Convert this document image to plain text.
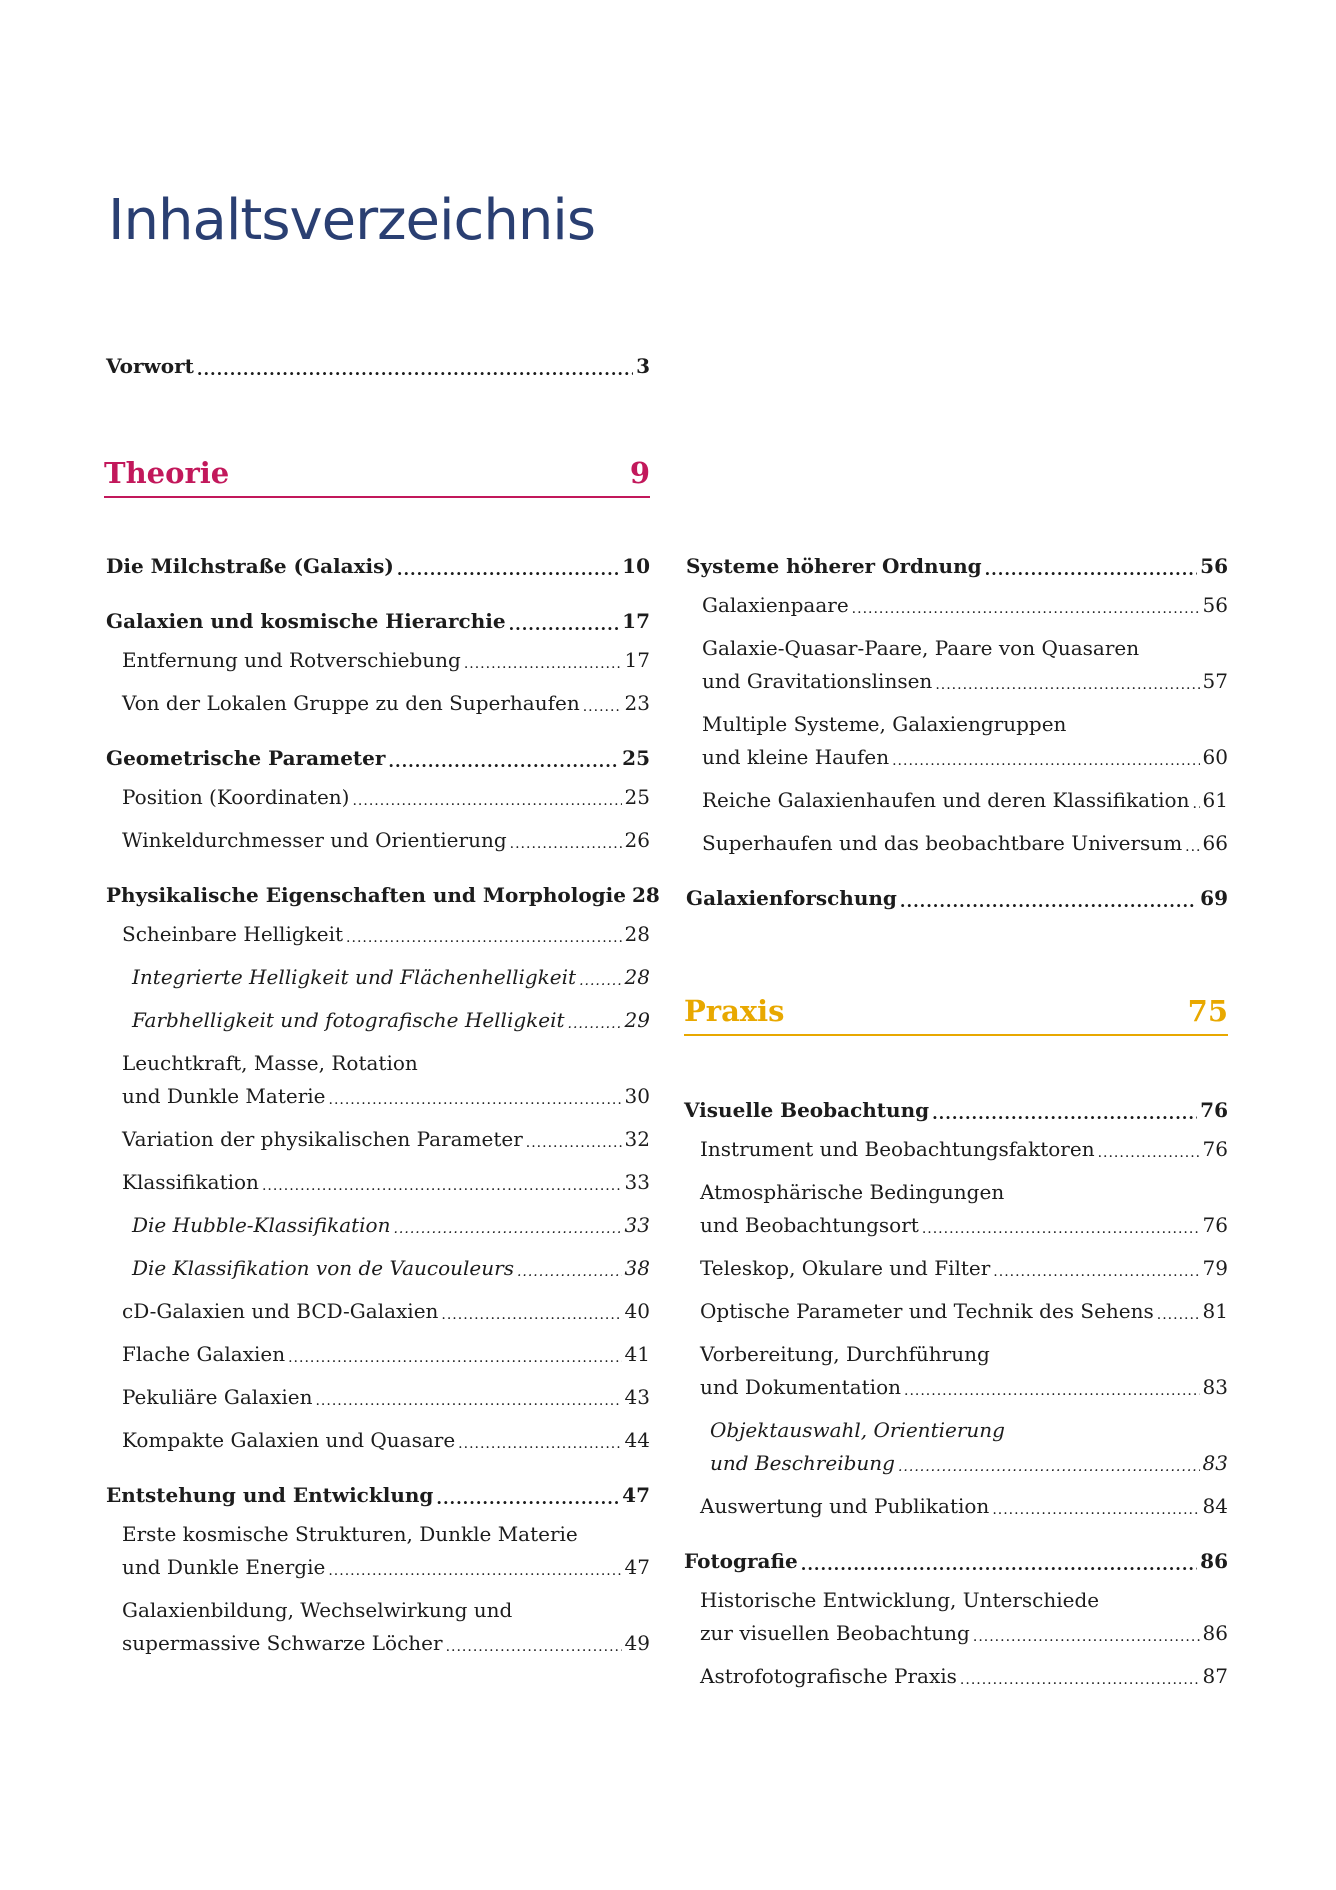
Inhaltsverzeichnis
Vorwort .....	3
Theorie	9
Praxis	75
Die Milchstraße (Galaxis) .....	10
Galaxien und kosmische Hierarchie .....	17
Entfernung und Rotverschiebung .....	17
Von der Lokalen Gruppe zu den Superhaufen ..... 23
Geometrische Parameter .....	25
Position (Koordinaten) .....	25
Winkeldurchmesser und Orientierung .....	26
Physikalische Eigenschaften und Morphologie 28
Scheinbare Helligkeit .....	28
Integrierte Helligkeit und Flächenhelligkeit ..... 28
Farbhelligkeit und fotografische Helligkeit .....	29
Leuchtkraft, Masse, Rotation
und Dunkle Materie .....	30
Variation der physikalischen Parameter .....	32
Klassifikation .....	33
Die Hubble-Klassifikation .....	33
Die Klassifikation von de Vaucouleurs .....	38
cD-Galaxien und BCD-Galaxien .....	40
Flache Galaxien .....	41
Pekuliäre Galaxien .....	43
Kompakte Galaxien und Quasare .....	44
Entstehung und Entwicklung .....	47
Erste kosmische Strukturen, Dunkle Materie
und Dunkle Energie .....	47
Galaxienbildung, Wechselwirkung und
supermassive Schwarze Löcher .....	49
Systeme höherer Ordnung .....	56
Galaxienpaare .....	56
Galaxie-Quasar-Paare, Paare von Quasaren
und Gravitationslinsen .....	57
Multiple Systeme, Galaxiengruppen
und kleine Haufen .....	60
Reiche Galaxienhaufen und deren Klassifikation ..... 61
Superhaufen und das beobachtbare Universum ..... 66
Galaxienforschung .....	69
Visuelle Beobachtung .....	76
Instrument und Beobachtungsfaktoren .....	76
Atmosphärische Bedingungen
und Beobachtungsort .....	76
Teleskop, Okulare und Filter .....	79
Optische Parameter und Technik des Sehens ..... 81
Vorbereitung, Durchführung
und Dokumentation .....	83
Objektauswahl, Orientierung
und Beschreibung .....	83
Auswertung und Publikation .....	84
Fotografie .....	86
Historische Entwicklung, Unterschiede
zur visuellen Beobachtung .....	86
Astrofotografische Praxis .....	87
